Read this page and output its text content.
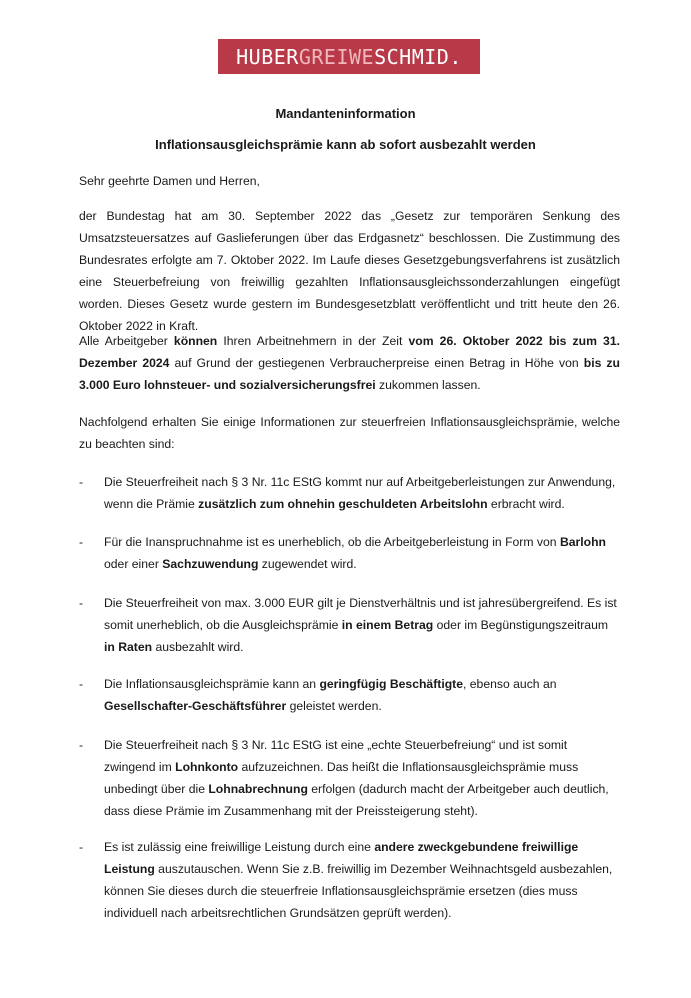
HUBER GREIWE SCHMID .
Mandanteninformation
Inflationsausgleichsprämie kann ab sofort ausbezahlt werden

Sehr geehrte Damen und Herren,

der Bundestag hat am 30. September 2022 das „Gesetz zur temporären Senkung des Umsatzsteuersatzes auf Gaslieferungen über das Erdgasnetz“ beschlossen. Die Zustimmung des Bundesrates erfolgte am 7. Oktober 2022. Im Laufe dieses Gesetzgebungsverfahrens ist zusätzlich eine Steuerbefreiung von freiwillig gezahlten Inflationsausgleichssonderzahlungen eingefügt worden. Dieses Gesetz wurde gestern im Bundesgesetzblatt veröffentlicht und tritt heute den 26. Oktober 2022 in Kraft.

Alle Arbeitgeber können Ihren Arbeitnehmern in der Zeit vom 26. Oktober 2022 bis zum 31. Dezember 2024 auf Grund der gestiegenen Verbraucherpreise einen Betrag in Höhe von bis zu 3.000 Euro lohnsteuer- und sozialversicherungsfrei zukommen lassen.

Nachfolgend erhalten Sie einige Informationen zur steuerfreien Inflationsausgleichsprämie, welche zu beachten sind:

- Die Steuerfreiheit nach § 3 Nr. 11c EStG kommt nur auf Arbeitgeberleistungen zur Anwendung, wenn die Prämie zusätzlich zum ohnehin geschuldeten Arbeitslohn erbracht wird.

- Für die Inanspruchnahme ist es unerheblich, ob die Arbeitgeberleistung in Form von Barlohn oder einer Sachzuwendung zugewendet wird.

- Die Steuerfreiheit von max. 3.000 EUR gilt je Dienstverhältnis und ist jahresübergreifend. Es ist somit unerheblich, ob die Ausgleichsprämie in einem Betrag oder im Begünstigungszeitraum in Raten ausbezahlt wird.

- Die Inflationsausgleichsprämie kann an geringfügig Beschäftigte, ebenso auch an Gesellschafter-Geschäftsführer geleistet werden.

- Die Steuerfreiheit nach § 3 Nr. 11c EStG ist eine „echte Steuerbefreiung“ und ist somit zwingend im Lohnkonto aufzuzeichnen. Das heißt die Inflationsausgleichsprämie muss unbedingt über die Lohnabrechnung erfolgen (dadurch macht der Arbeitgeber auch deutlich, dass diese Prämie im Zusammenhang mit der Preissteigerung steht).

- Es ist zulässig eine freiwillige Leistung durch eine andere zweckgebundene freiwillige Leistung auszutauschen. Wenn Sie z.B. freiwillig im Dezember Weihnachtsgeld ausbezahlen, können Sie dieses durch die steuerfreie Inflationsausgleichsprämie ersetzen (dies muss individuell nach arbeitsrechtlichen Grundsätzen geprüft werden).
